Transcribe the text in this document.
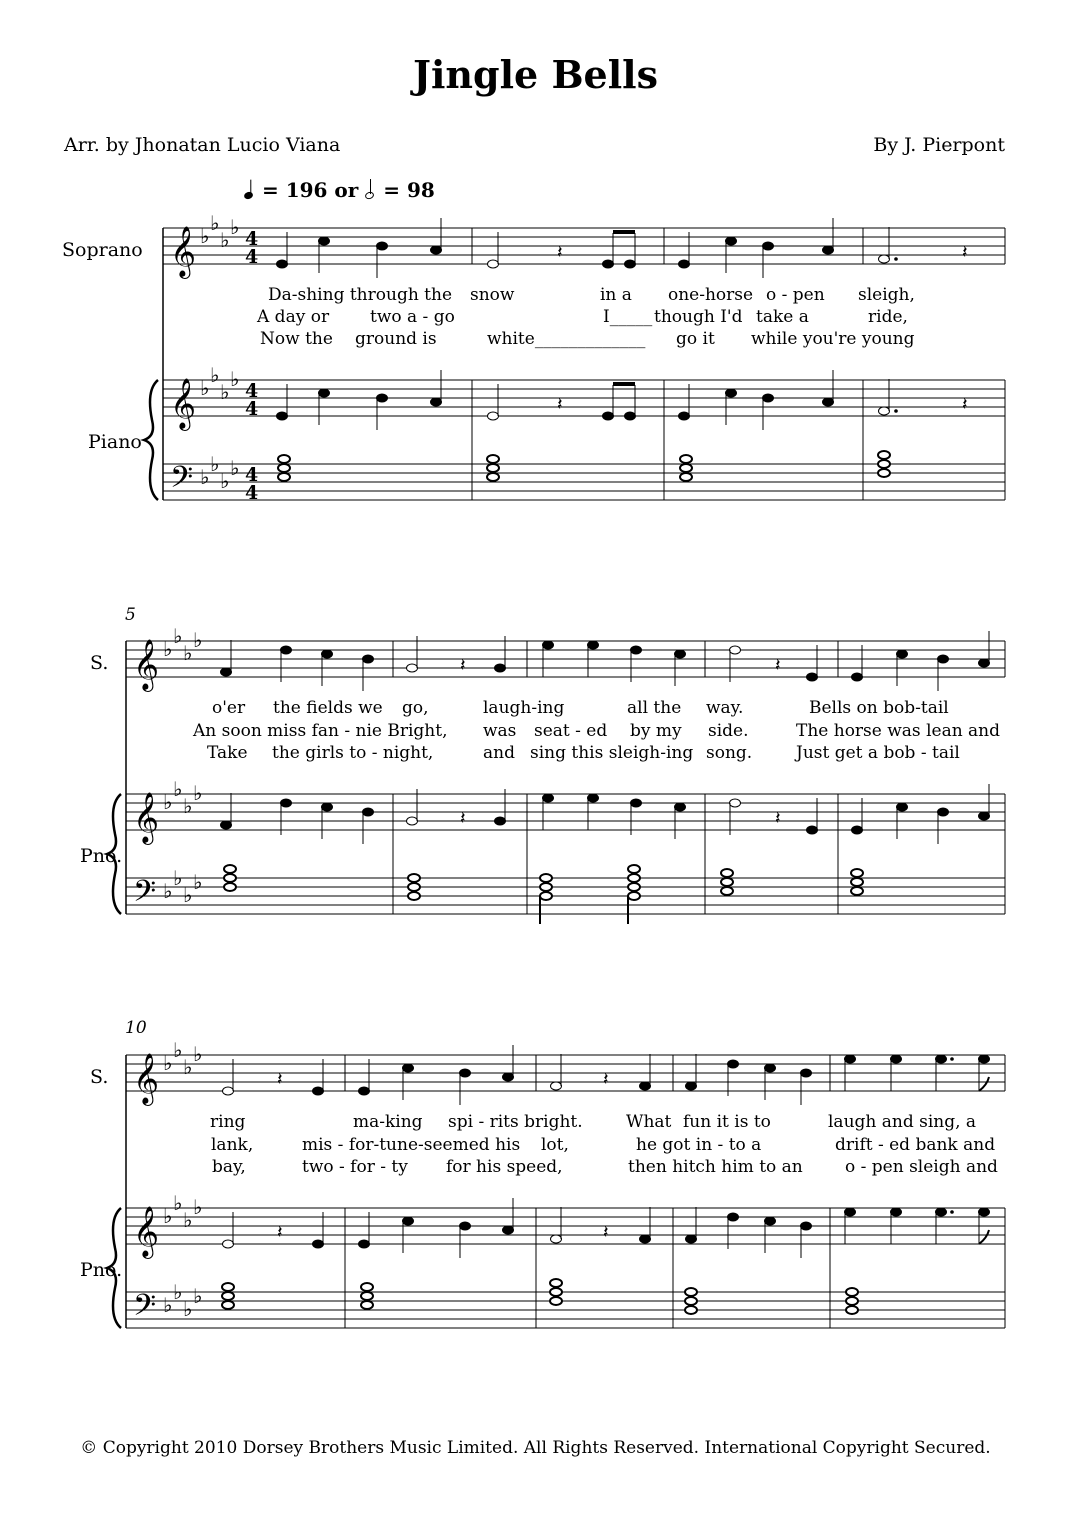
Jingle Bells
Arr. by Jhonatan Lucio Viana	By J. Pierpont
= 196 or = 98
Soprano
Piano
𝄞
𝄞
𝄢
♭
♭
♭
♭
♭
♭
♭
♭
♭
♭
♭
♭
4
4
4
4
4
4
𝄽	𝄽
𝄽	𝄽
Da-shing through the snow	in a one-horse o - pen sleigh,
A day or two a - go	I_____ though I'd take a	ride,
Now the ground is	white_____________ go it while you're young
5
S.
Pno.
𝄞
𝄞
𝄢
♭
♭
♭
♭
♭
♭
♭
♭
♭
♭
♭
♭
𝄽	𝄽
𝄽	𝄽
o'er the fields we go,	laugh-ing	all the way.	Bells on bob-tail
An soon miss fan - nie Bright, was seat - ed by my side.	The horse was lean and
Take the girls to - night,	and sing this sleigh-ing song.	Just get a bob - tail
10
S.
Pno.
𝄞
𝄞
𝄢
♭
♭
♭
♭
♭
♭
♭
♭
♭
♭
♭
♭
𝄽	𝄽
𝄽	𝄽
ring	ma-king spi - rits bright.	What fun it is to	laugh and sing, a
lank,	mis - for-tune-seemed his lot,	he got in - to a	drift - ed bank and
bay,	two - for - ty for his speed,	then hitch him to an o - pen sleigh and
© Copyright 2010 Dorsey Brothers Music Limited. All Rights Reserved. International Copyright Secured.
